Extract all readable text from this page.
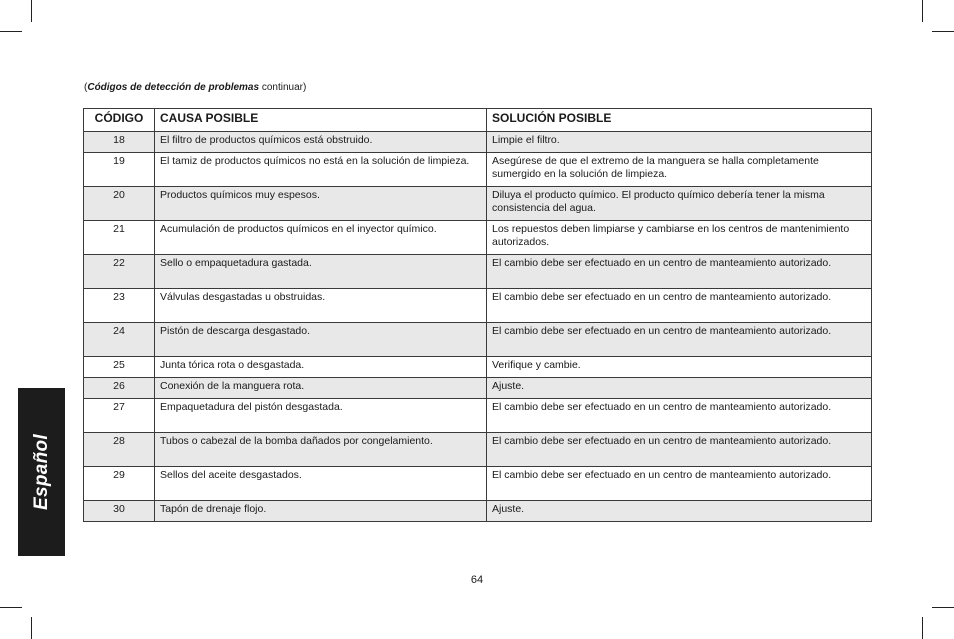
(Códigos de detección de problemas continuar)
Español
CÓDIGO	CAUSA POSIBLE	SOLUCIÓN POSIBLE
18	El filtro de productos químicos está obstruido.	Limpie el filtro.
19	El tamiz de productos químicos no está en la solución de limpieza.	Asegúrese de que el extremo de la manguera se halla completamente sumergido en la solución de limpieza.
20	Productos químicos muy espesos.	Diluya el producto químico. El producto químico debería tener la misma consistencia del agua.
21	Acumulación de productos químicos en el inyector químico.	Los repuestos deben limpiarse y cambiarse en los centros de mantenimiento autorizados.
22	Sello o empaquetadura gastada.	El cambio debe ser efectuado en un centro de manteamiento autorizado.
23	Válvulas desgastadas u obstruidas.	El cambio debe ser efectuado en un centro de manteamiento autorizado.
24	Pistón de descarga desgastado.	El cambio debe ser efectuado en un centro de manteamiento autorizado.
25	Junta tórica rota o desgastada.	Verifique y cambie.
26	Conexión de la manguera rota.	Ajuste.
27	Empaquetadura del pistón desgastada.	El cambio debe ser efectuado en un centro de manteamiento autorizado.
28	Tubos o cabezal de la bomba dañados por congelamiento.	El cambio debe ser efectuado en un centro de manteamiento autorizado.
29	Sellos del aceite desgastados.	El cambio debe ser efectuado en un centro de manteamiento autorizado.
30	Tapón de drenaje flojo.	Ajuste.
64
